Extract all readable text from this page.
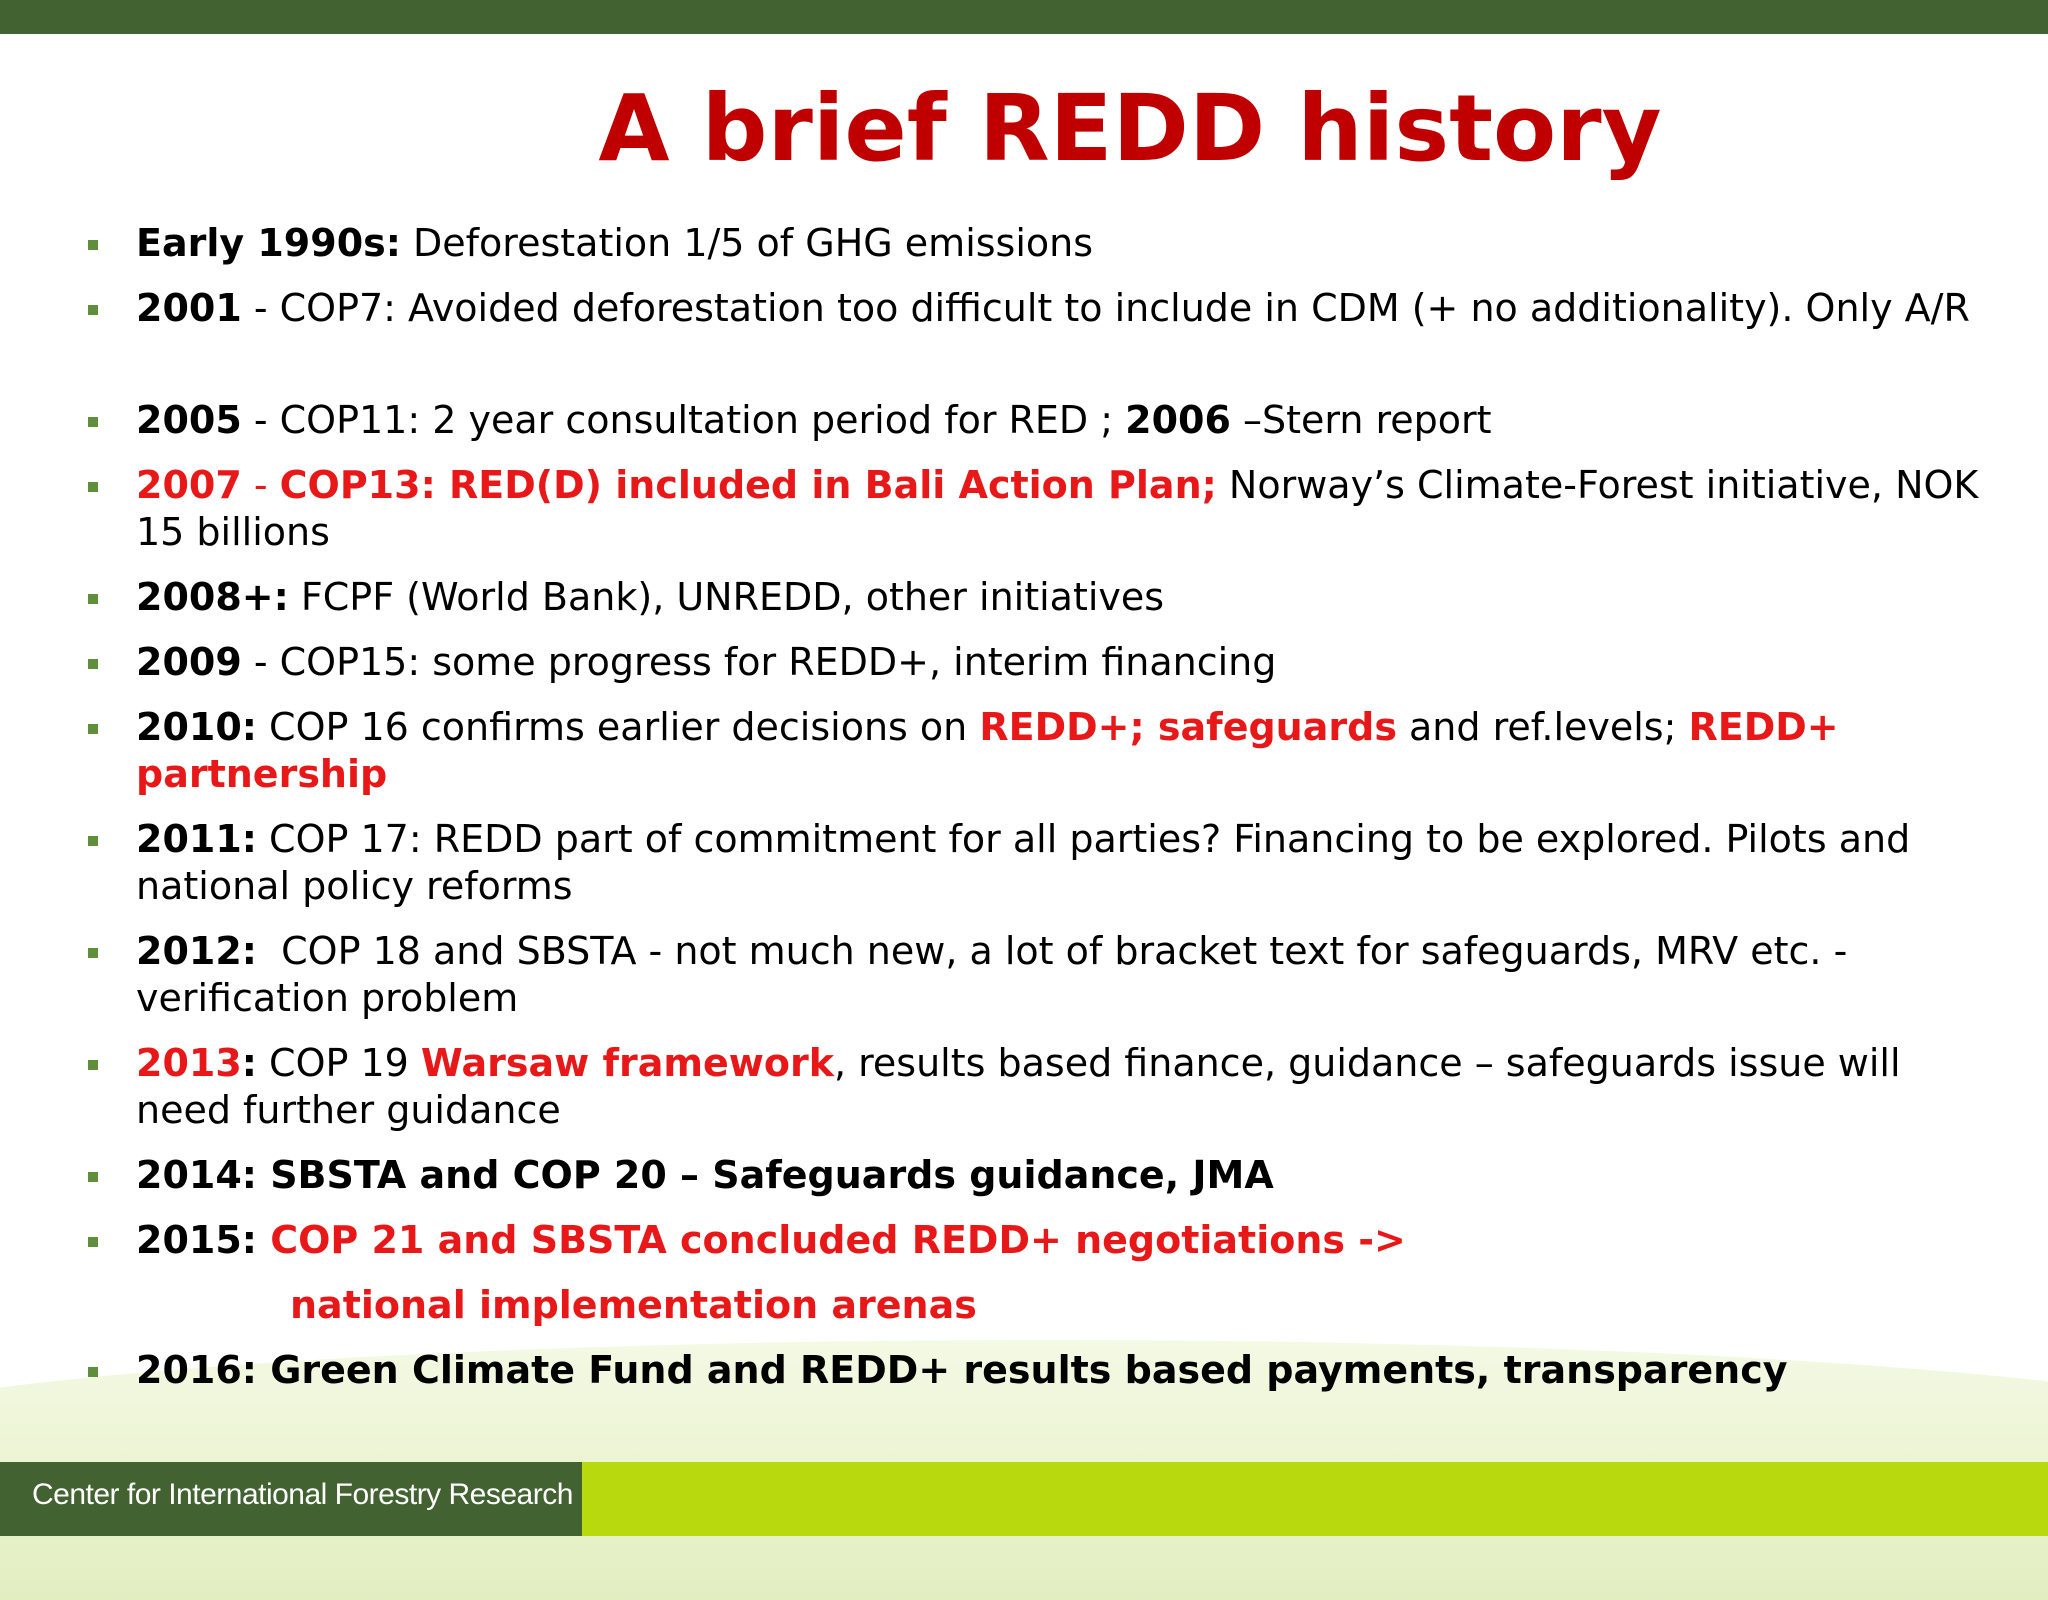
A brief REDD history
Early 1990s: Deforestation 1/5 of GHG emissions
2001 - COP7: Avoided deforestation too difficult to include in CDM (+ no additionality). Only A/R
2005 - COP11: 2 year consultation period for RED ; 2006 –Stern report
2007 - COP13: RED(D) included in Bali Action Plan; Norway’s Climate-Forest initiative, NOK 15 billions
2008+: FCPF (World Bank), UNREDD, other initiatives
2009 - COP15: some progress for REDD+, interim financing
2010: COP 16 confirms earlier decisions on REDD+; safeguards and ref.levels; REDD+ partnership
2011: COP 17: REDD part of commitment for all parties? Financing to be explored. Pilots and national policy reforms
2012:  COP 18 and SBSTA - not much new, a lot of bracket text for safeguards, MRV etc. - verification problem
2013: COP 19 Warsaw framework, results based finance, guidance – safeguards issue will need further guidance
2014: SBSTA and COP 20 – Safeguards guidance, JMA
2015: COP 21 and SBSTA concluded REDD+ negotiations ->
national implementation arenas
2016: Green Climate Fund and REDD+ results based payments, transparency
Center for International Forestry Research
